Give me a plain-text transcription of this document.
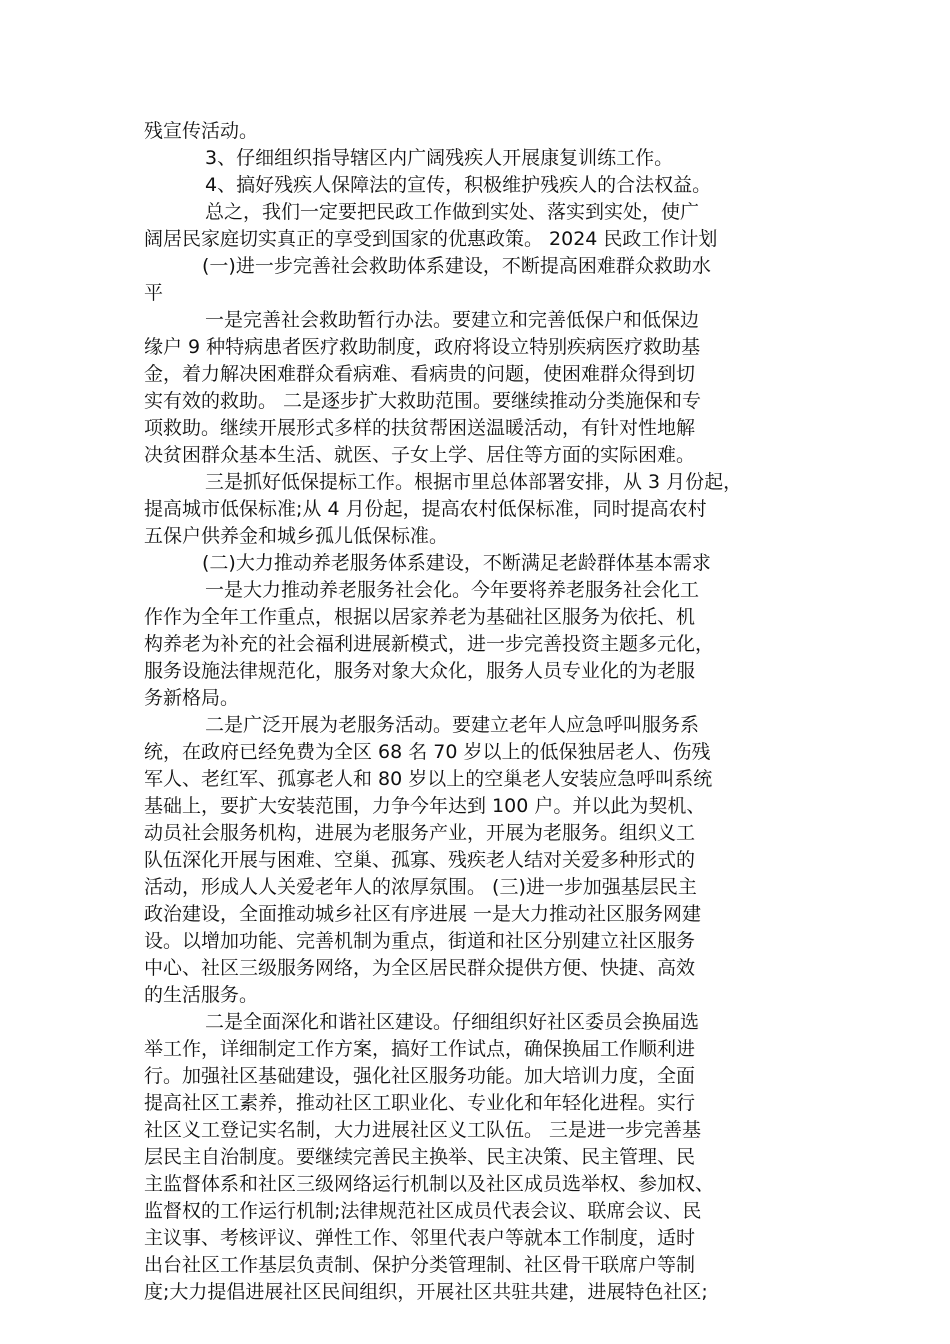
残宣传活动。
3、仔细组织指导辖区内广阔残疾人开展康复训练工作。
4、搞好残疾人保障法的宣传，积极维护残疾人的合法权益。
总之，我们一定要把民政工作做到实处、落实到实处，使广
阔居民家庭切实真正的享受到国家的优惠政策。 2024 民政工作计划
(一)进一步完善社会救助体系建设，不断提高困难群众救助水
平
一是完善社会救助暂行办法。要建立和完善低保户和低保边
缘户 9 种特病患者医疗救助制度，政府将设立特别疾病医疗救助基
金，着力解决困难群众看病难、看病贵的问题，使困难群众得到切
实有效的救助。 二是逐步扩大救助范围。要继续推动分类施保和专
项救助。继续开展形式多样的扶贫帮困送温暖活动，有针对性地解
决贫困群众基本生活、就医、子女上学、居住等方面的实际困难。
三是抓好低保提标工作。根据市里总体部署安排，从 3 月份起，
提高城市低保标准;从 4 月份起，提高农村低保标准，同时提高农村
五保户供养金和城乡孤儿低保标准。
(二)大力推动养老服务体系建设，不断满足老龄群体基本需求
一是大力推动养老服务社会化。今年要将养老服务社会化工
作作为全年工作重点，根据以居家养老为基础社区服务为依托、机
构养老为补充的社会福利进展新模式，进一步完善投资主题多元化，
服务设施法律规范化，服务对象大众化，服务人员专业化的为老服
务新格局。
二是广泛开展为老服务活动。要建立老年人应急呼叫服务系
统，在政府已经免费为全区 68 名 70 岁以上的低保独居老人、伤残
军人、老红军、孤寡老人和 80 岁以上的空巢老人安装应急呼叫系统
基础上，要扩大安装范围，力争今年达到 100 户。并以此为契机、
动员社会服务机构，进展为老服务产业，开展为老服务。组织义工
队伍深化开展与困难、空巢、孤寡、残疾老人结对关爱多种形式的
活动，形成人人关爱老年人的浓厚氛围。 (三)进一步加强基层民主
政治建设，全面推动城乡社区有序进展 一是大力推动社区服务网建
设。以增加功能、完善机制为重点，街道和社区分别建立社区服务
中心、社区三级服务网络，为全区居民群众提供方便、快捷、高效
的生活服务。
二是全面深化和谐社区建设。仔细组织好社区委员会换届选
举工作，详细制定工作方案，搞好工作试点，确保换届工作顺利进
行。加强社区基础建设，强化社区服务功能。加大培训力度，全面
提高社区工素养，推动社区工职业化、专业化和年轻化进程。实行
社区义工登记实名制，大力进展社区义工队伍。 三是进一步完善基
层民主自治制度。要继续完善民主换举、民主决策、民主管理、民
主监督体系和社区三级网络运行机制以及社区成员选举权、参加权、
监督权的工作运行机制;法律规范社区成员代表会议、联席会议、民
主议事、考核评议、弹性工作、邻里代表户等就本工作制度，适时
出台社区工作基层负责制、保护分类管理制、社区骨干联席户等制
度;大力提倡进展社区民间组织，开展社区共驻共建，进展特色社区;
